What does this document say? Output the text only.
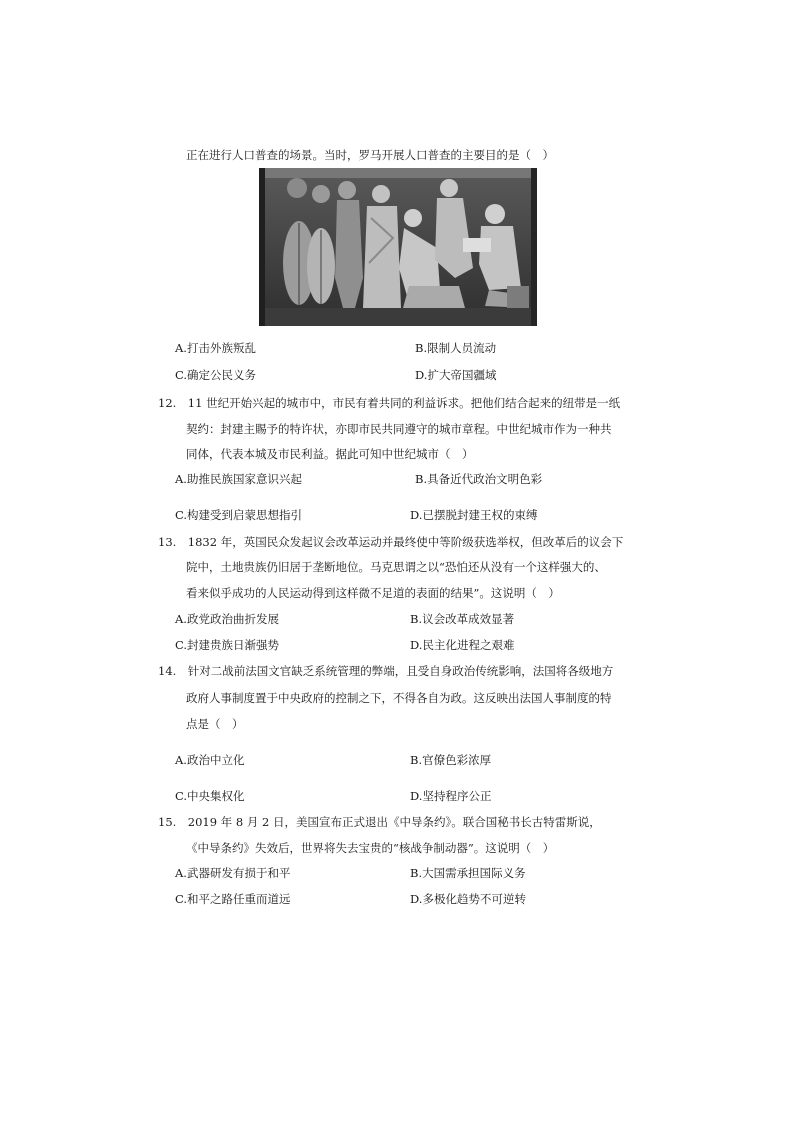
正在进行人口普查的场景。当时，罗马开展人口普查的主要目的是（　）
A.打击外族叛乱	B.限制人员流动
C.确定公民义务	D.扩大帝国疆域
12.　11 世纪开始兴起的城市中，市民有着共同的利益诉求。把他们结合起来的纽带是一纸
契约：封建主賜予的特许状，亦即市民共同遵守的城市章程。中世纪城市作为一种共
同体，代表本城及市民利益。据此可知中世纪城市（　）
A.助推民族国家意识兴起	B.具备近代政治文明色彩
C.构建受到启蒙思想指引	D.已摆脱封建王权的束缚
13.　1832 年，英国民众发起议会改革运动并最终使中等阶级获选举权，但改革后的议会下
院中，土地贵族仍旧居于垄断地位。马克思谓之以“恐怕还从没有一个这样强大的、
看来似乎成功的人民运动得到这样微不足道的表面的结果”。这说明（　）
A.政党政治曲折发展	B.议会改革成效显著
C.封建贵族日渐强势	D.民主化进程之艰难
14.　针对二战前法国文官缺乏系统管理的弊端，且受自身政治传统影响，法国将各级地方
政府人事制度置于中央政府的控制之下，不得各自为政。这反映出法国人事制度的特
点是（　）
A.政治中立化	B.官僚色彩浓厚
C.中央集权化	D.坚持程序公正
15.　2019 年 8 月 2 日，美国宣布正式退出《中导条约》。联合国秘书长古特雷斯说，
《中导条约》失效后，世界将失去宝贵的“核战争制动器”。这说明（　）
A.武器研发有损于和平	B.大国需承担国际义务
C.和平之路任重而道远	D.多极化趋势不可逆转
